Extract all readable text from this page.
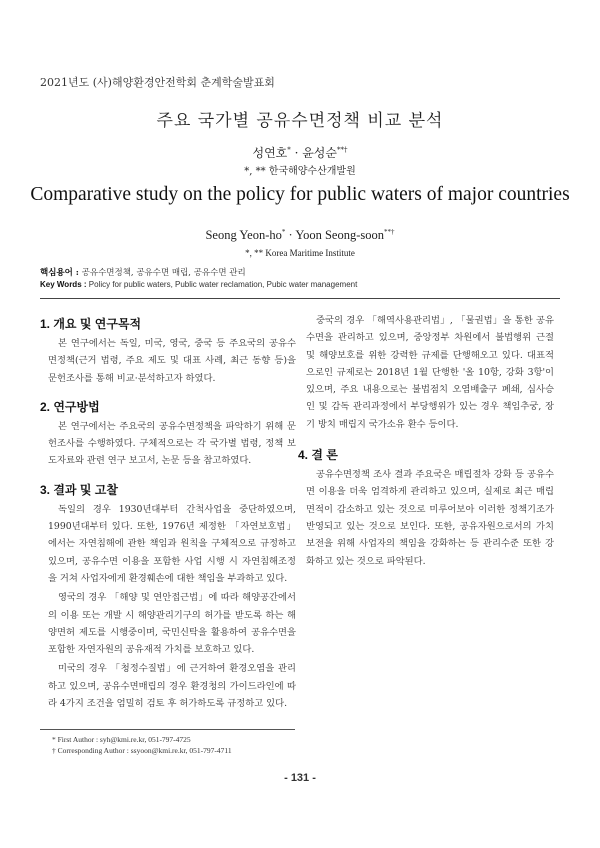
2021년도 (사)해양환경안전학회 춘계학술발표회
주요 국가별 공유수면정책 비교 분석
성연호* · 윤성순**†
*, ** 한국해양수산개발원
Comparative study on the policy for public waters of major countries
Seong Yeon-ho* · Yoon Seong-soon**†
*, ** Korea Maritime Institute
핵심용어 : 공유수면정책, 공유수면 매립, 공유수면 관리
Key Words : Policy for public waters, Public water reclamation, Pubic water management
1. 개요 및 연구목적

본 연구에서는 독일, 미국, 영국, 중국 등 주요국의 공유수면정책(근거 법령, 주요 제도 및 대표 사례, 최근 동향 등)을 문헌조사를 통해 비교·분석하고자 하였다.

2. 연구방법

본 연구에서는 주요국의 공유수면정책을 파악하기 위해 문헌조사를 수행하였다. 구체적으로는 각 국가별 법령, 정책 보도자료와 관련 연구 보고서, 논문 등을 참고하였다.

3. 결과 및 고찰

독일의 경우 1930년대부터 간척사업을 중단하였으며, 1990년대부터 있다. 또한, 1976년 제정한 「자연보호법」에서는 자연침해에 관한 책임과 원칙을 구체적으로 규정하고 있으며, 공유수면 이용을 포함한 사업 시행 시 자연침해조정을 거쳐 사업자에게 환경훼손에 대한 책임을 부과하고 있다.

영국의 경우 「해양 및 연안접근법」에 따라 해양공간에서의 이용 또는 개발 시 해양관리기구의 허가를 받도록 하는 해양면허 제도를 시행중이며, 국민신탁을 활용하여 공유수면을 포함한 자연자원의 공유재적 가치를 보호하고 있다.

미국의 경우 「청정수질법」에 근거하여 환경오염을 관리하고 있으며, 공유수면매립의 경우 환경청의 가이드라인에 따라 4가지 조건을 엄밀히 검토 후 허가하도록 규정하고 있다.

중국의 경우 「해역사용관리법」, 「물권법」을 통한 공유수면을 관리하고 있으며, 중앙정부 차원에서 불법행위 근절 및 해양보호를 위한 강력한 규제를 단행해오고 있다. 대표적으로인 규제로는 2018년 1월 단행한 '올 10항, 강화 3항'이 있으며, 주요 내용으로는 불법점치 오염배출구 폐쇄, 심사승인 및 감독 관리과정에서 부당행위가 있는 경우 책임추궁, 장기 방치 매립지 국가소유 환수 등이다.

4. 결 론

공유수면정책 조사 결과 주요국은 매립절차 강화 등 공유수면 이용을 더욱 엄격하게 관리하고 있으며, 실제로 최근 매립 면적이 감소하고 있는 것으로 미루어보아 이러한 정책기조가 반영되고 있는 것으로 보인다. 또한, 공유자원으로서의 가치보전을 위해 사업자의 책임을 강화하는 등 관리수준 또한 강화하고 있는 것으로 파악된다.

* First Author : syh@kmi.re.kr, 051-797-4725
† Corresponding Author : ssyoon@kmi.re.kr, 051-797-4711
- 131 -
